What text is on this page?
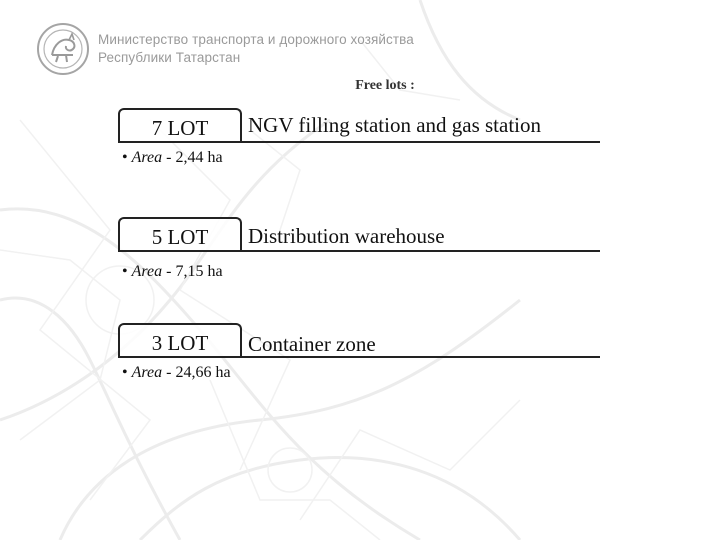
Министерство транспорта и дорожного хозяйства
Республики Татарстан
Free lots :
7 LOT	NGV filling station and gas station
• Area - 2,44 ha
5 LOT	Distribution warehouse
• Area - 7,15 ha
3 LOT	Container zone
• Area - 24,66 ha
